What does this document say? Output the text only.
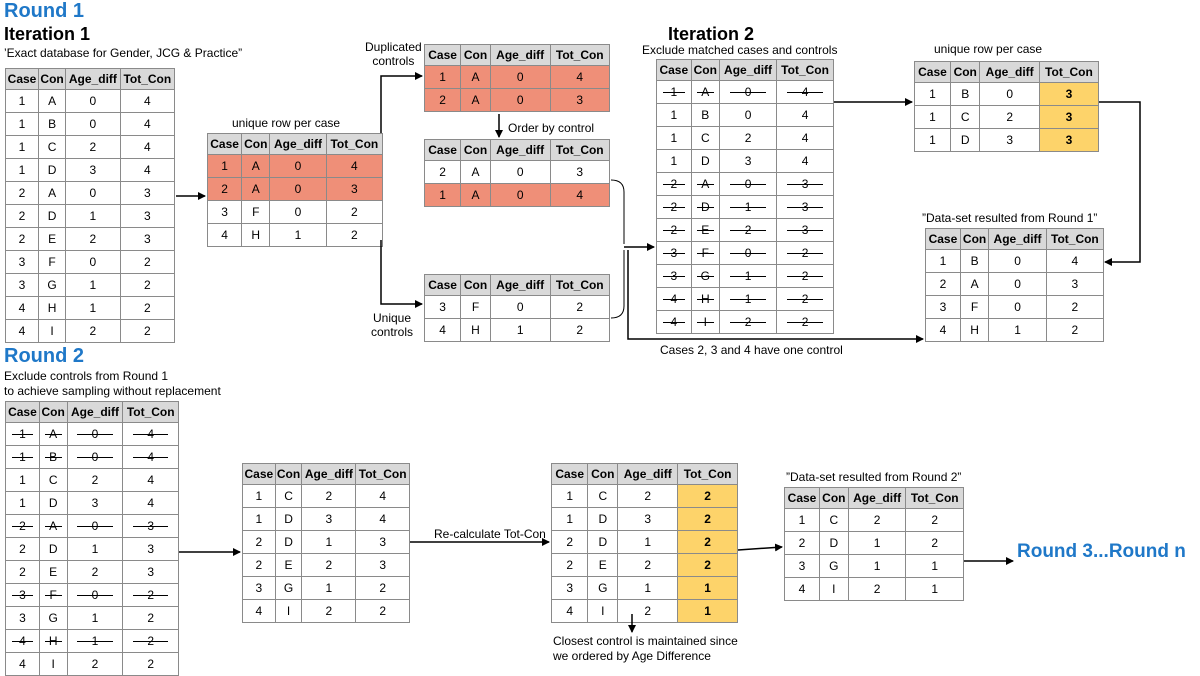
Round 1
Iteration 1
’Exact database for Gender, JCG & Practice”
unique row per case
Duplicated
controls
Order by control
Unique
controls
Iteration 2
Exclude matched cases and controls	unique row per case
”Data-set resulted from Round 1”
Cases 2, 3 and 4 have one control
Round 2
Exclude controls from Round 1
to achieve sampling without replacement
Re-calculate Tot-Con
Closest control is maintained since
we ordered by Age Difference
”Data-set resulted from Round 2”
Round 3...Round n
Case	Con	Age_diff	Tot_Con
1	A	0	4
1	B	0	4
1	C	2	4
1	D	3	4
2	A	0	3
2	D	1	3
2	E	2	3
3	F	0	2
3	G	1	2
4	H	1	2
4	I	2	2
Case	Con	Age_diff	Tot_Con
1	A	0	4
2	A	0	3
3	F	0	2
4	H	1	2
Case	Con	Age_diff	Tot_Con
1	A	0	4
2	A	0	3
Case	Con	Age_diff	Tot_Con
2	A	0	3
1	A	0	4
Case	Con	Age_diff	Tot_Con
3	F	0	2
4	H	1	2
Case	Con	Age_diff	Tot_Con
1	A	0	4
1	B	0	4
1	C	2	4
1	D	3	4
2	A	0	3
2	D	1	3
2	E	2	3
3	F	0	2
3	G	1	2
4	H	1	2
4	I	2	2
Case	Con	Age_diff	Tot_Con
1	B	0	3
1	C	2	3
1	D	3	3
Case	Con	Age_diff	Tot_Con
1	B	0	4
2	A	0	3
3	F	0	2
4	H	1	2
Case	Con	Age_diff	Tot_Con
1	A	0	4
1	B	0	4
1	C	2	4
1	D	3	4
2	A	0	3
2	D	1	3
2	E	2	3
3	F	0	2
3	G	1	2
4	H	1	2
4	I	2	2
Case	Con	Age_diff	Tot_Con
1	C	2	4
1	D	3	4
2	D	1	3
2	E	2	3
3	G	1	2
4	I	2	2
Case	Con	Age_diff	Tot_Con
1	C	2	2
1	D	3	2
2	D	1	2
2	E	2	2
3	G	1	1
4	I	2	1
Case	Con	Age_diff	Tot_Con
1	C	2	2
2	D	1	2
3	G	1	1
4	I	2	1
